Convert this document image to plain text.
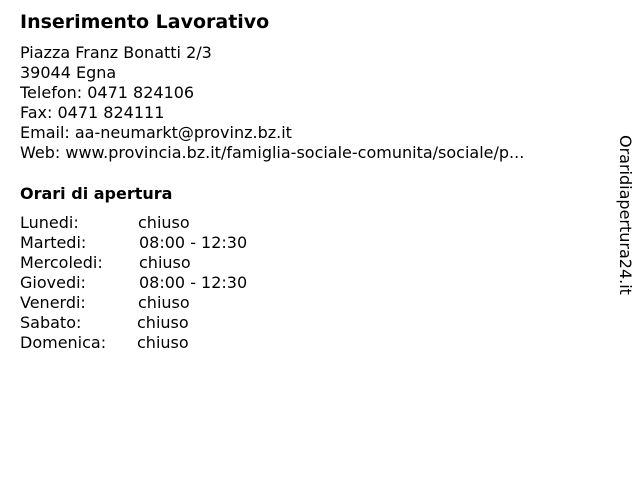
Inserimento Lavorativo
Piazza Franz Bonatti 2/3
39044 Egna
Telefon: 0471 824106
Fax: 0471 824111
Email: aa-neumarkt@provinz.bz.it
Web: www.provincia.bz.it/famiglia-sociale-comunita/sociale/p...
Orari di apertura
Lunedi:	chiuso
Martedi:	08:00 - 12:30
Mercoledi: chiuso
Giovedi:	08:00 - 12:30
Venerdi:	chiuso
Sabato:	chiuso
Domenica: chiuso
Oraridiapertura24.it
